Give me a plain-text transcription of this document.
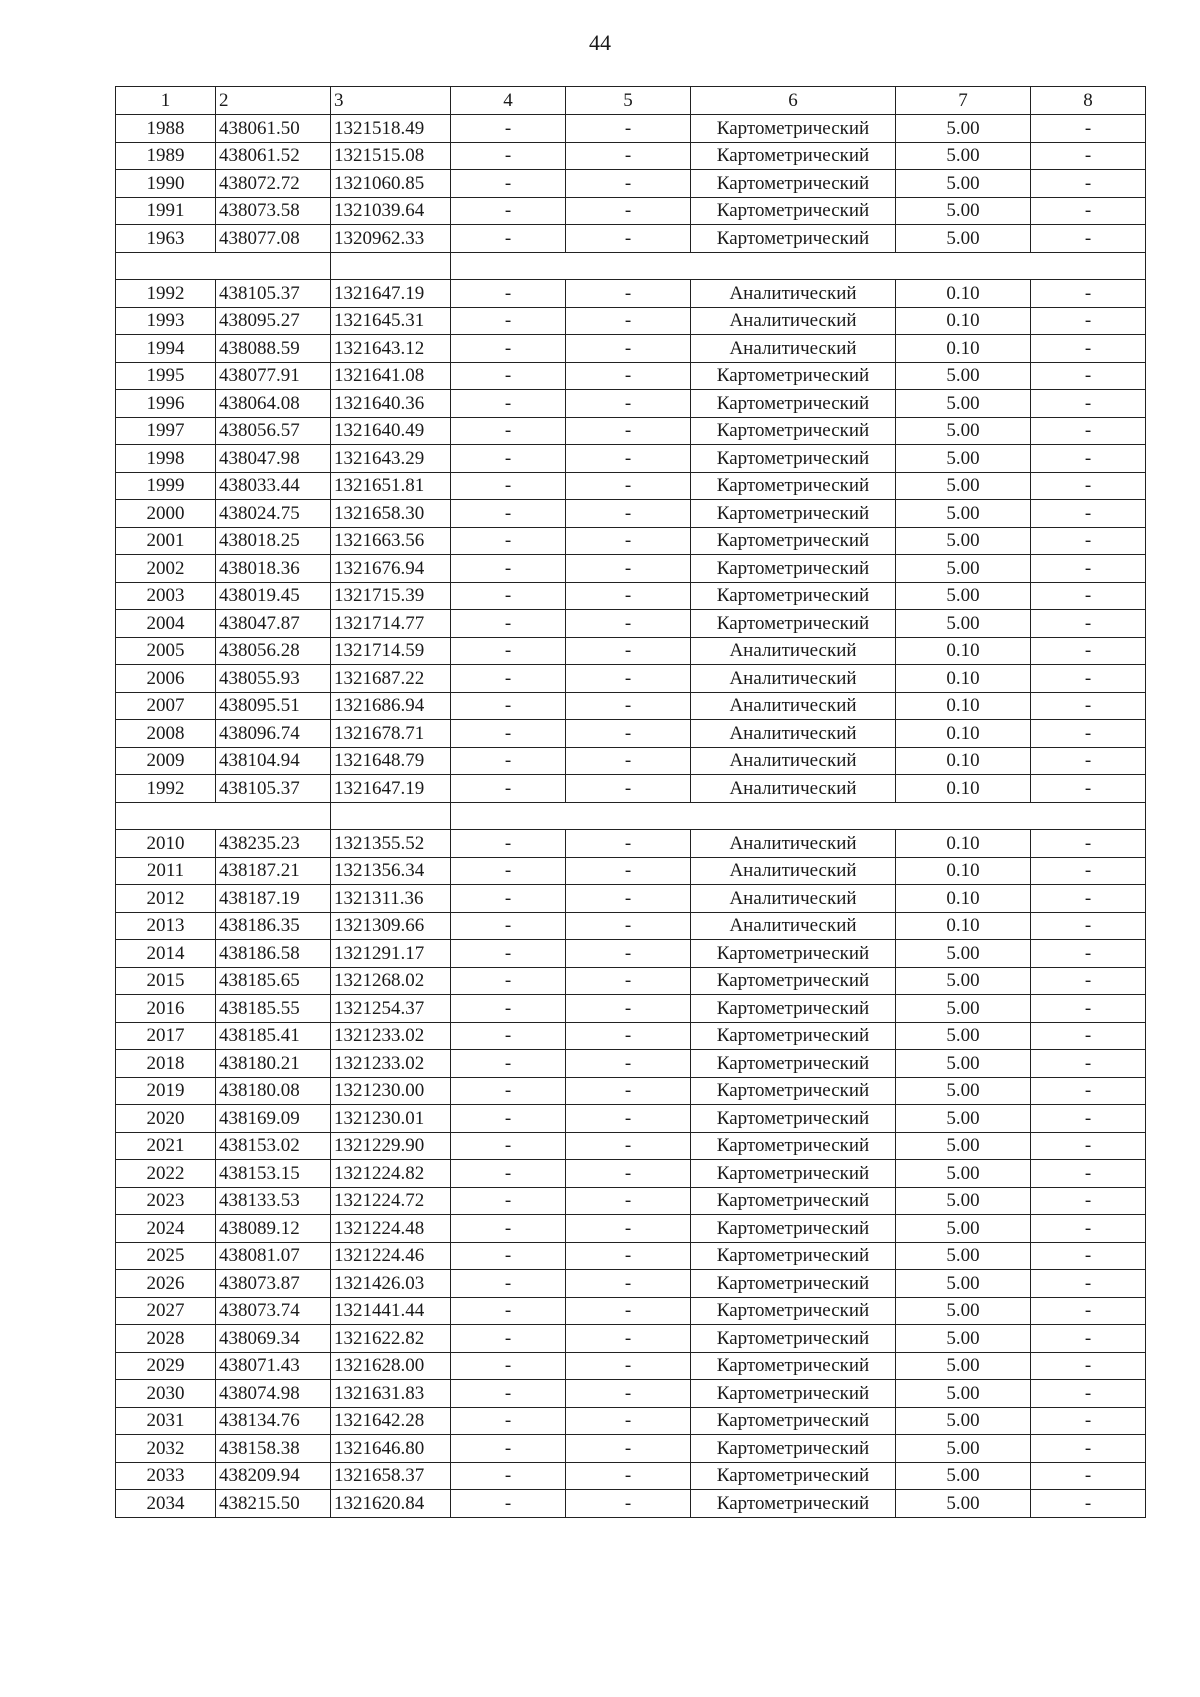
44
1	2	3	4	5	6	7	8
1988	438061.50	1321518.49	-	-	Картометрический	5.00	-
1989	438061.52	1321515.08	-	-	Картометрический	5.00	-
1990	438072.72	1321060.85	-	-	Картометрический	5.00	-
1991	438073.58	1321039.64	-	-	Картометрический	5.00	-
1963	438077.08	1320962.33	-	-	Картометрический	5.00	-

1992	438105.37	1321647.19	-	-	Аналитический	0.10	-
1993	438095.27	1321645.31	-	-	Аналитический	0.10	-
1994	438088.59	1321643.12	-	-	Аналитический	0.10	-
1995	438077.91	1321641.08	-	-	Картометрический	5.00	-
1996	438064.08	1321640.36	-	-	Картометрический	5.00	-
1997	438056.57	1321640.49	-	-	Картометрический	5.00	-
1998	438047.98	1321643.29	-	-	Картометрический	5.00	-
1999	438033.44	1321651.81	-	-	Картометрический	5.00	-
2000	438024.75	1321658.30	-	-	Картометрический	5.00	-
2001	438018.25	1321663.56	-	-	Картометрический	5.00	-
2002	438018.36	1321676.94	-	-	Картометрический	5.00	-
2003	438019.45	1321715.39	-	-	Картометрический	5.00	-
2004	438047.87	1321714.77	-	-	Картометрический	5.00	-
2005	438056.28	1321714.59	-	-	Аналитический	0.10	-
2006	438055.93	1321687.22	-	-	Аналитический	0.10	-
2007	438095.51	1321686.94	-	-	Аналитический	0.10	-
2008	438096.74	1321678.71	-	-	Аналитический	0.10	-
2009	438104.94	1321648.79	-	-	Аналитический	0.10	-
1992	438105.37	1321647.19	-	-	Аналитический	0.10	-

2010	438235.23	1321355.52	-	-	Аналитический	0.10	-
2011	438187.21	1321356.34	-	-	Аналитический	0.10	-
2012	438187.19	1321311.36	-	-	Аналитический	0.10	-
2013	438186.35	1321309.66	-	-	Аналитический	0.10	-
2014	438186.58	1321291.17	-	-	Картометрический	5.00	-
2015	438185.65	1321268.02	-	-	Картометрический	5.00	-
2016	438185.55	1321254.37	-	-	Картометрический	5.00	-
2017	438185.41	1321233.02	-	-	Картометрический	5.00	-
2018	438180.21	1321233.02	-	-	Картометрический	5.00	-
2019	438180.08	1321230.00	-	-	Картометрический	5.00	-
2020	438169.09	1321230.01	-	-	Картометрический	5.00	-
2021	438153.02	1321229.90	-	-	Картометрический	5.00	-
2022	438153.15	1321224.82	-	-	Картометрический	5.00	-
2023	438133.53	1321224.72	-	-	Картометрический	5.00	-
2024	438089.12	1321224.48	-	-	Картометрический	5.00	-
2025	438081.07	1321224.46	-	-	Картометрический	5.00	-
2026	438073.87	1321426.03	-	-	Картометрический	5.00	-
2027	438073.74	1321441.44	-	-	Картометрический	5.00	-
2028	438069.34	1321622.82	-	-	Картометрический	5.00	-
2029	438071.43	1321628.00	-	-	Картометрический	5.00	-
2030	438074.98	1321631.83	-	-	Картометрический	5.00	-
2031	438134.76	1321642.28	-	-	Картометрический	5.00	-
2032	438158.38	1321646.80	-	-	Картометрический	5.00	-
2033	438209.94	1321658.37	-	-	Картометрический	5.00	-
2034	438215.50	1321620.84	-	-	Картометрический	5.00	-
